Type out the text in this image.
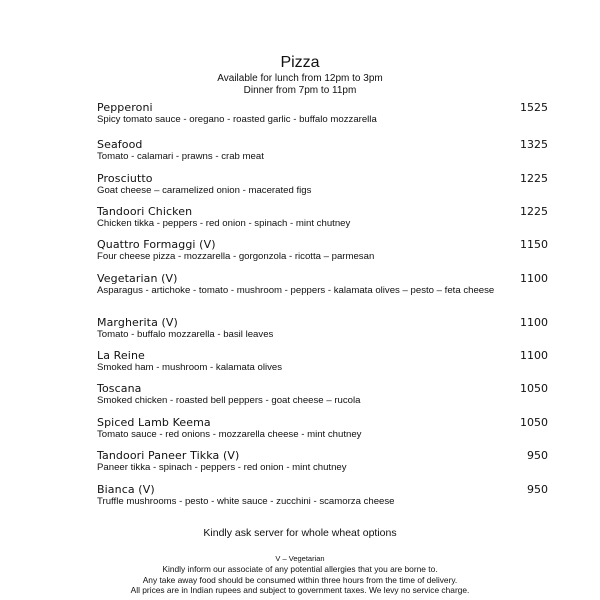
Pizza
Available for lunch from 12pm to 3pm
Dinner from 7pm to 11pm
Pepperoni
Spicy tomato sauce - oregano - roasted garlic - buffalo mozzarella
1525
Seafood
Tomato - calamari - prawns - crab meat
1325
Prosciutto
Goat cheese – caramelized onion - macerated figs
1225
Tandoori Chicken
Chicken tikka - peppers - red onion - spinach - mint chutney
1225
Quattro Formaggi (V)
Four cheese pizza - mozzarella - gorgonzola - ricotta – parmesan
1150
Vegetarian (V)
Asparagus - artichoke - tomato - mushroom - peppers - kalamata olives – pesto – feta cheese
1100
Margherita (V)
Tomato - buffalo mozzarella - basil leaves
1100
La Reine
Smoked ham - mushroom - kalamata olives
1100
Toscana
Smoked chicken - roasted bell peppers - goat cheese – rucola
1050
Spiced Lamb Keema
Tomato sauce - red onions - mozzarella cheese - mint chutney
1050
Tandoori Paneer Tikka (V)
Paneer tikka - spinach - peppers - red onion - mint chutney
950
Bianca (V)
Truffle mushrooms - pesto - white sauce - zucchini - scamorza cheese
950
Kindly ask server for whole wheat options
V – Vegetarian
Kindly inform our associate of any potential allergies that you are borne to.
Any take away food should be consumed within three hours from the time of delivery.
All prices are in Indian rupees and subject to government taxes. We levy no service charge.
